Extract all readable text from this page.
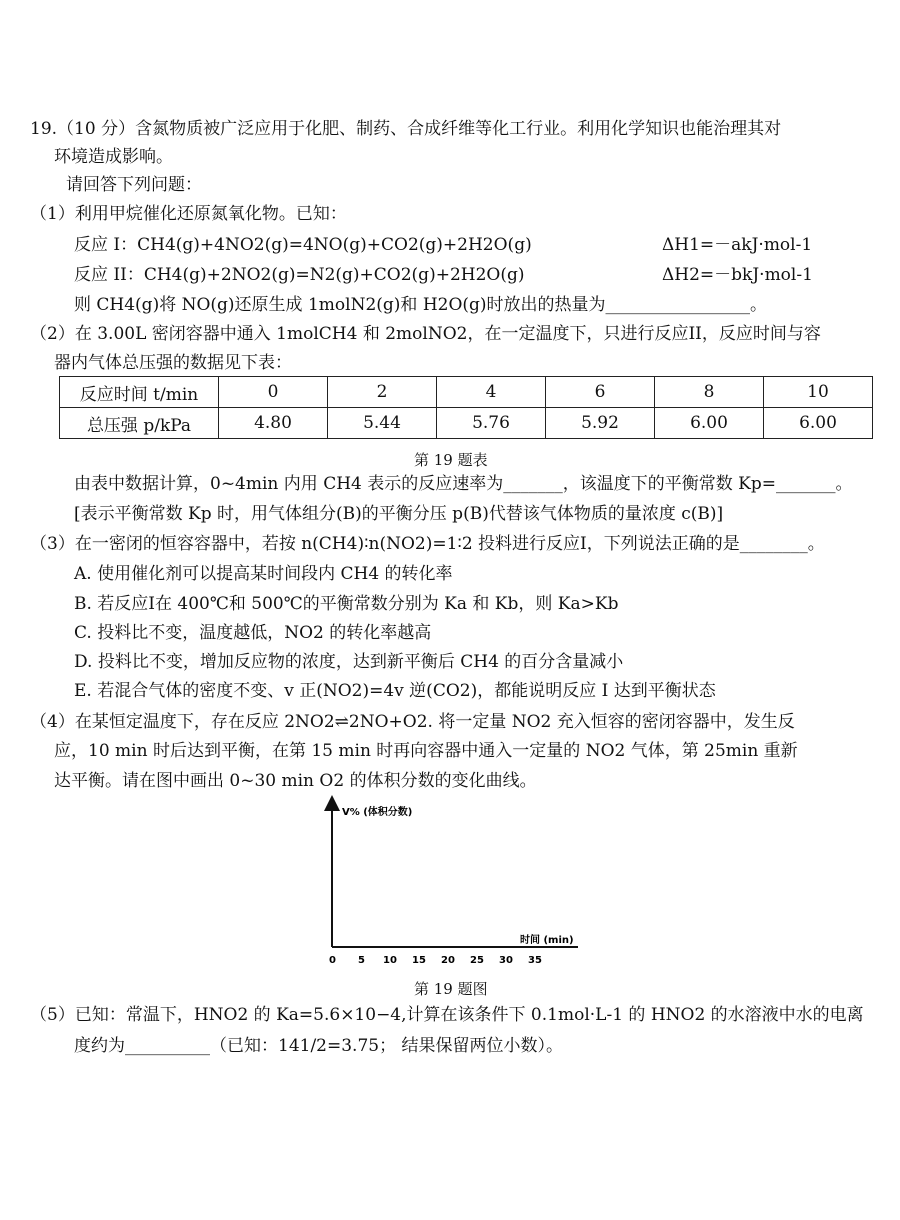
19.（10 分）含氮物质被广泛应用于化肥、制药、合成纤维等化工行业。利用化学知识也能治理其对
环境造成影响。
请回答下列问题：
（1）利用甲烷催化还原氮氧化物。已知：
反应 I：CH4(g)+4NO2(g)=4NO(g)+CO2(g)+2H2O(g)	ΔH1=－akJ·mol-1
反应 II：CH4(g)+2NO2(g)=N2(g)+CO2(g)+2H2O(g)	ΔH2=－bkJ·mol-1
则 CH4(g)将 NO(g)还原生成 1molN2(g)和 H2O(g)时放出的热量为_________________。
（2）在 3.00L 密闭容器中通入 1molCH4 和 2molNO2，在一定温度下，只进行反应II，反应时间与容
器内气体总压强的数据见下表：
反应时间 t/min	0	2	4	6	8	10
总压强 p/kPa	4.80	5.44	5.76	5.92	6.00	6.00
第 19 题表
由表中数据计算，0~4min 内用 CH4 表示的反应速率为_______，该温度下的平衡常数 Kp=_______。
[表示平衡常数 Kp 时，用气体组分(B)的平衡分压 p(B)代替该气体物质的量浓度 c(B)]
（3）在一密闭的恒容容器中，若按 n(CH4)∶n(NO2)=1∶2 投料进行反应I，下列说法正确的是________。
A. 使用催化剂可以提高某时间段内 CH4 的转化率
B. 若反应I在 400℃和 500℃的平衡常数分别为 Ka 和 Kb，则 Ka>Kb
C. 投料比不变，温度越低，NO2 的转化率越高
D. 投料比不变，增加反应物的浓度，达到新平衡后 CH4 的百分含量减小
E. 若混合气体的密度不变、v 正(NO2)=4v 逆(CO2)，都能说明反应 I 达到平衡状态
（4）在某恒定温度下，存在反应 2NO2⇌2NO+O2. 将一定量 NO2 充入恒容的密闭容器中，发生反
应，10 min 时后达到平衡，在第 15 min 时再向容器中通入一定量的 NO2 气体，第 25min 重新
达平衡。请在图中画出 0~30 min O2 的体积分数的变化曲线。
V% (体积分数)
时间 (min)
0 5 10 15 20 25 30 35
第 19 题图
（5）已知：常温下，HNO2 的 Ka=5.6×10−4,计算在该条件下 0.1mol·L-1 的 HNO2 的水溶液中水的电离
度约为__________（已知：141/2=3.75； 结果保留两位小数）。
